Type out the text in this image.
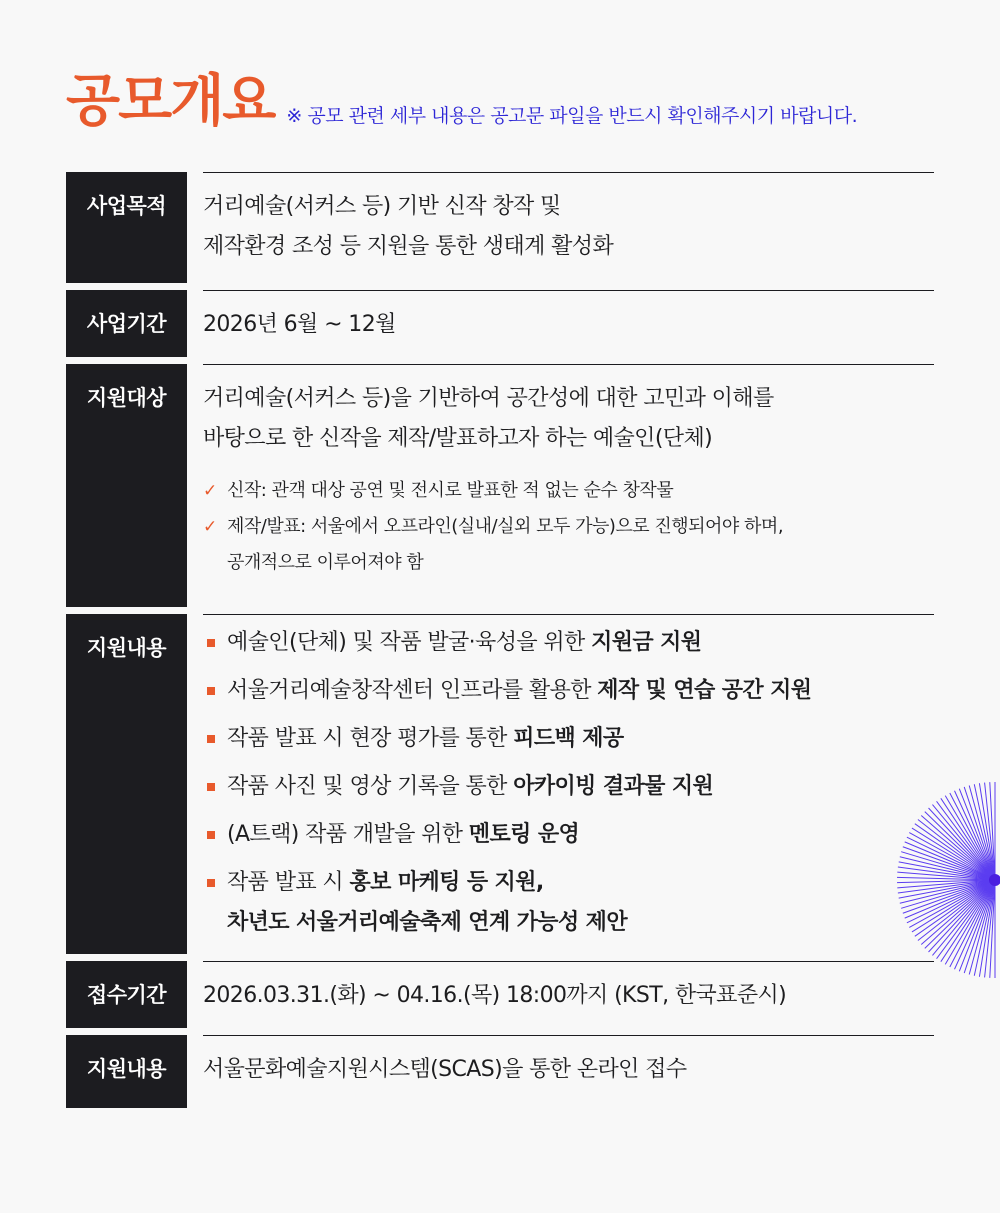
공모개요 ※ 공모 관련 세부 내용은 공고문 파일을 반드시 확인해주시기 바랍니다.
사업목적	거리예술(서커스 등) 기반 신작 창작 및
제작환경 조성 등 지원을 통한 생태계 활성화
사업기간	2026년 6월 ~ 12월
지원대상	거리예술(서커스 등)을 기반하여 공간성에 대한 고민과 이해를
바탕으로 한 신작을 제작/발표하고자 하는 예술인(단체)
✓ 신작: 관객 대상 공연 및 전시로 발표한 적 없는 순수 창작물
✓ 제작/발표: 서울에서 오프라인(실내/실외 모두 가능)으로 진행되어야 하며,
공개적으로 이루어져야 함
지원내용	예술인(단체) 및 작품 발굴·육성을 위한 지원금 지원
서울거리예술창작센터 인프라를 활용한 제작 및 연습 공간 지원
작품 발표 시 현장 평가를 통한 피드백 제공
작품 사진 및 영상 기록을 통한 아카이빙 결과물 지원
(A트랙) 작품 개발을 위한 멘토링 운영
작품 발표 시 홍보 마케팅 등 지원,
차년도 서울거리예술축제 연계 가능성 제안
접수기간	2026.03.31.(화) ~ 04.16.(목) 18:00까지 (KST, 한국표준시)
지원내용	서울문화예술지원시스템(SCAS)을 통한 온라인 접수
